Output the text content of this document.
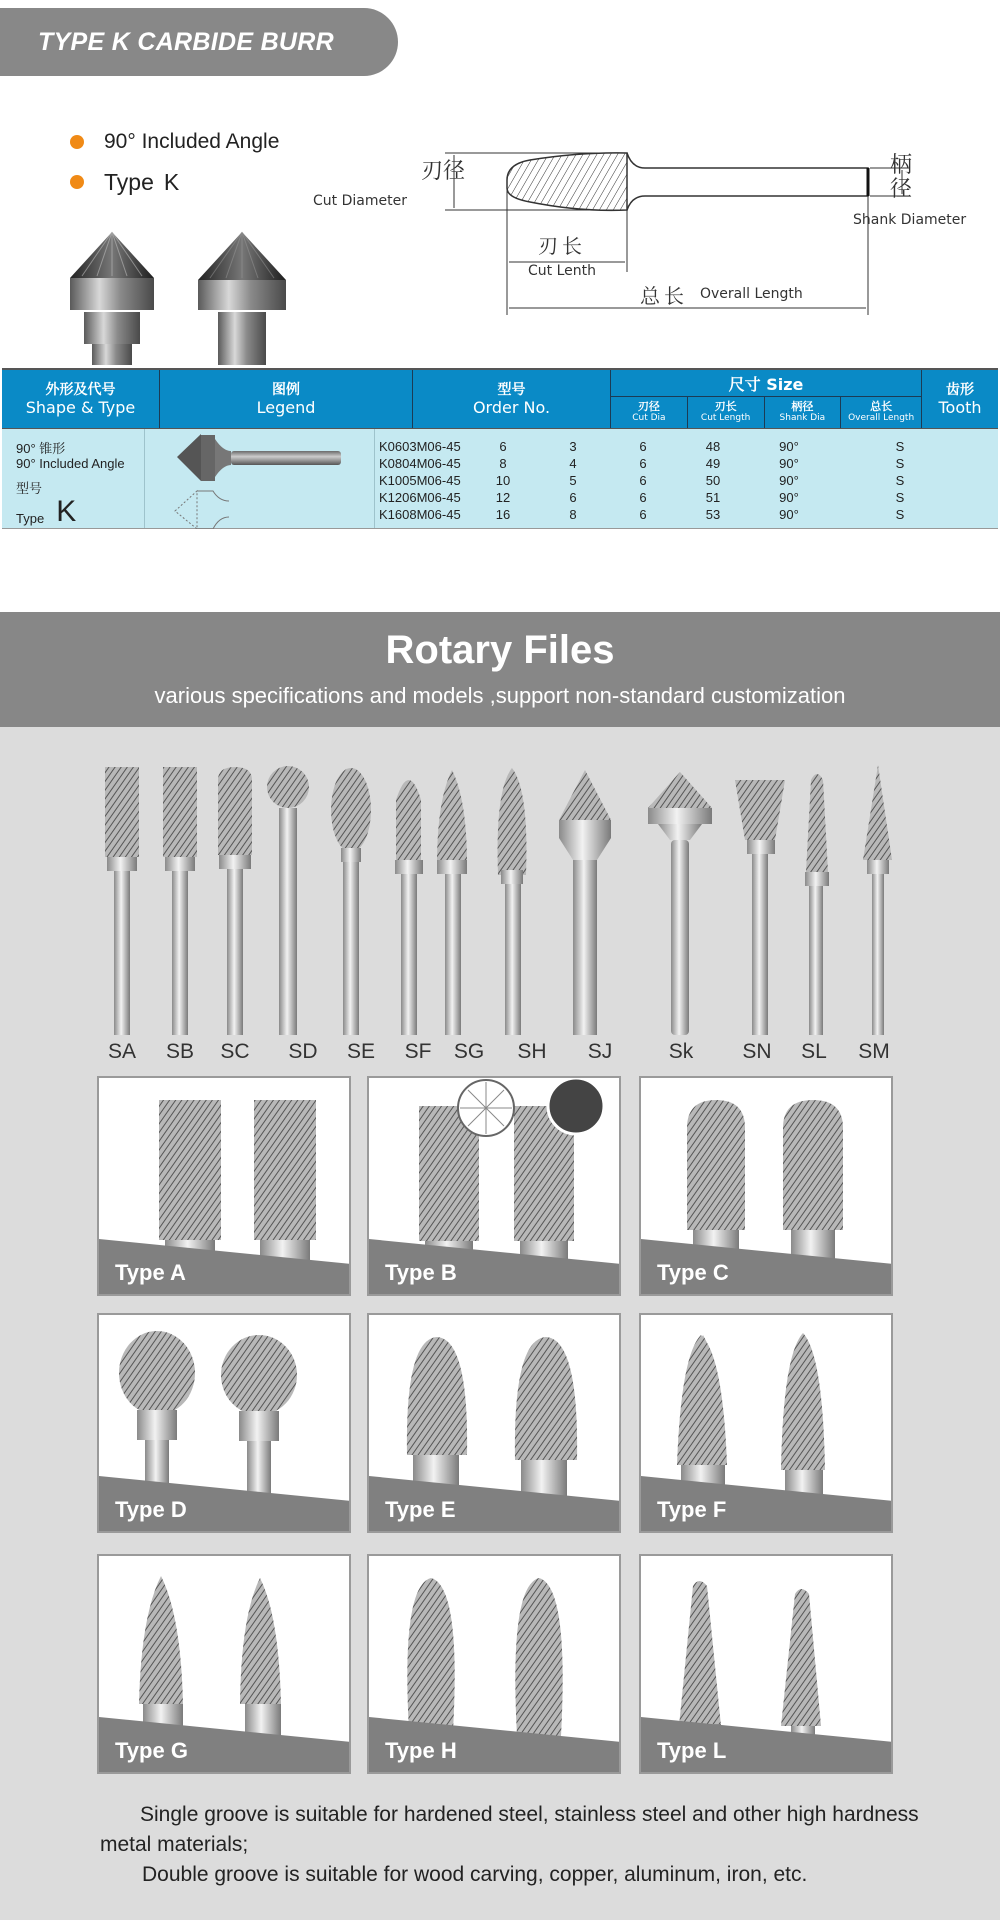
TYPE K CARBIDE BURR
90° Included Angle
Type K	刃径
Cut Diameter
刃长
Cut Lenth
总长 Overall Length
柄径
Shank Diameter
外形及代号
Shape & Type
图例
Legend
型号
Order No.
尺寸 Size
刃径
Cut Dia
刃长
Cut Length
柄径
Shank Dia
总长
Overall Length
齿形
Tooth
90° 锥形
90° Included Angle
型号
Type K
K0603M06-45	6	3	6	48	90°	S
K0804M06-45	8	4	6	49	90°	S
K1005M06-45	10	5	6	50	90°	S
K1206M06-45	12	6	6	51	90°	S
K1608M06-45	16	8	6	53	90°	S
Rotary Files
various specifications and models ,support non-standard customization
SA SB SC SD SE SF SG SH SJ	Sk SN SL SM
Type A	Type B	Type C
Type D	Type E	Type F
Type G	Type H	Type L

Single groove is suitable for hardened steel, stainless steel and other high hardness metal materials;

Double groove is suitable for wood carving, copper, aluminum, iron, etc.
